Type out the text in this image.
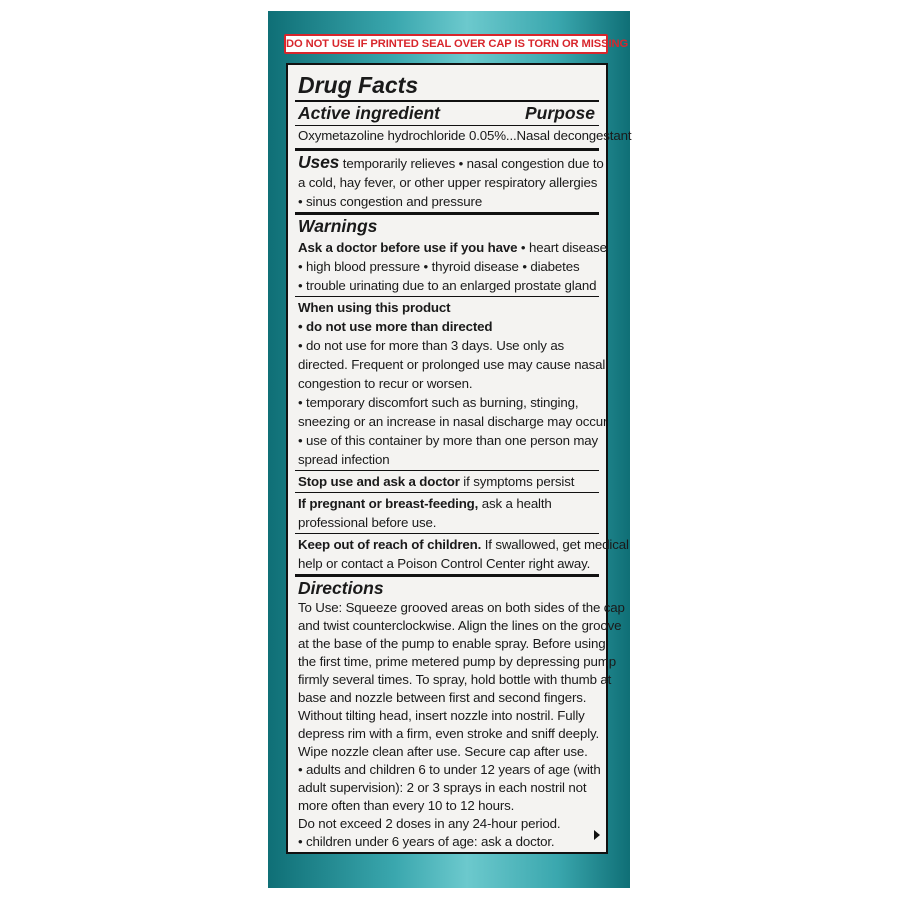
DO NOT USE IF PRINTED SEAL OVER CAP IS TORN OR MISSING
Drug Facts
Active ingredient	Purpose

Oxymetazoline hydrochloride 0.05%...Nasal decongestant

Uses temporarily relieves • nasal congestion due to

a cold, hay fever, or other upper respiratory allergies

• sinus congestion and pressure

Warnings

Ask a doctor before use if you have • heart disease

• high blood pressure • thyroid disease • diabetes

• trouble urinating due to an enlarged prostate gland

When using this product

• do not use more than directed

• do not use for more than 3 days. Use only as

directed. Frequent or prolonged use may cause nasal

congestion to recur or worsen.

• temporary discomfort such as burning, stinging,

sneezing or an increase in nasal discharge may occur

• use of this container by more than one person may

spread infection

Stop use and ask a doctor if symptoms persist

If pregnant or breast-feeding, ask a health

professional before use.

Keep out of reach of children. If swallowed, get medical

help or contact a Poison Control Center right away.

Directions

To Use: Squeeze grooved areas on both sides of the cap

and twist counterclockwise. Align the lines on the groove

at the base of the pump to enable spray. Before using

the first time, prime metered pump by depressing pump

firmly several times. To spray, hold bottle with thumb at

base and nozzle between first and second fingers.

Without tilting head, insert nozzle into nostril. Fully

depress rim with a firm, even stroke and sniff deeply.

Wipe nozzle clean after use. Secure cap after use.

• adults and children 6 to under 12 years of age (with

adult supervision): 2 or 3 sprays in each nostril not

more often than every 10 to 12 hours.

Do not exceed 2 doses in any 24-hour period.

• children under 6 years of age: ask a doctor.
